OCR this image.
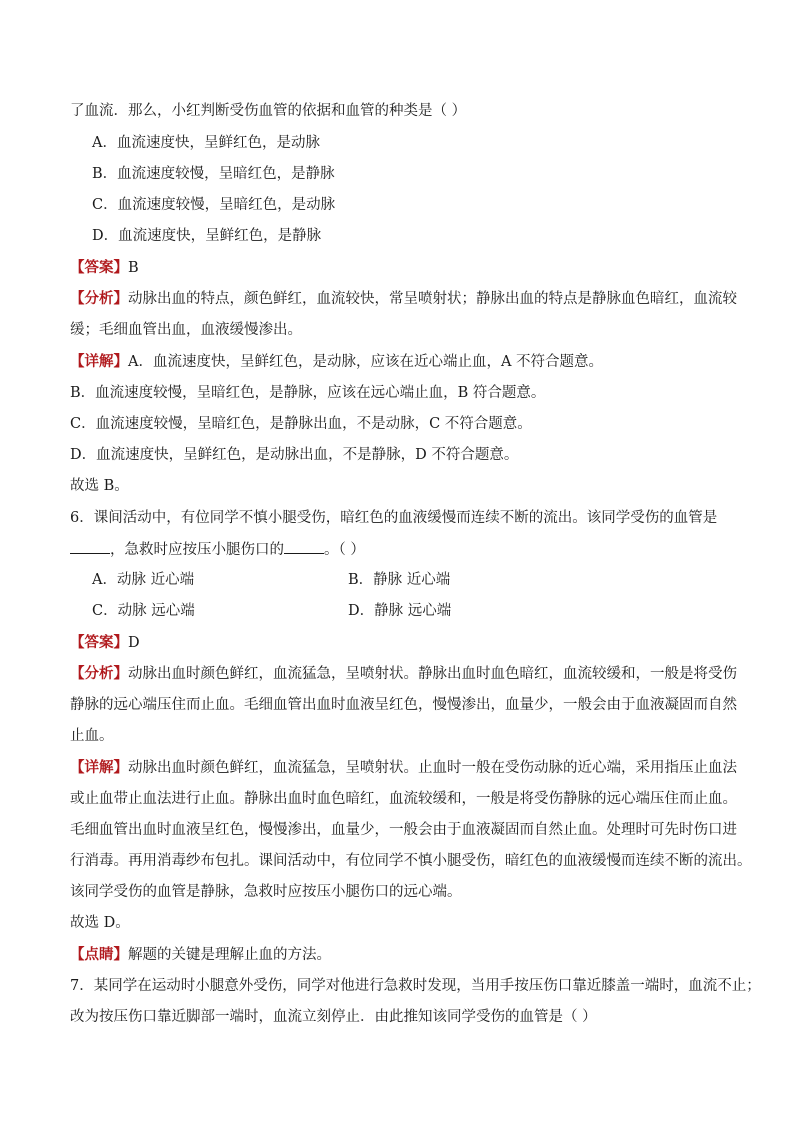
了血流．那么，小红判断受伤血管的依据和血管的种类是（ ）
A．血流速度快，呈鲜红色，是动脉
B．血流速度较慢，呈暗红色，是静脉
C．血流速度较慢，呈暗红色，是动脉
D．血流速度快，呈鲜红色，是静脉
【答案】B
【分析】动脉出血的特点，颜色鲜红，血流较快，常呈喷射状；静脉出血的特点是静脉血色暗红，血流较
缓；毛细血管出血，血液缓慢渗出。
【详解】A．血流速度快，呈鲜红色，是动脉，应该在近心端止血，A 不符合题意。
B．血流速度较慢，呈暗红色，是静脉，应该在远心端止血，B 符合题意。
C．血流速度较慢，呈暗红色，是静脉出血，不是动脉，C 不符合题意。
D．血流速度快，呈鲜红色，是动脉出血，不是静脉，D 不符合题意。
故选 B。
6．课间活动中，有位同学不慎小腿受伤，暗红色的血液缓慢而连续不断的流出。该同学受伤的血管是
，急救时应按压小腿伤口的	。（ ）
A．动脉 近心端	B．静脉 近心端
C．动脉 远心端	D．静脉 远心端
【答案】D
【分析】动脉出血时颜色鲜红，血流猛急，呈喷射状。静脉出血时血色暗红，血流较缓和，一般是将受伤
静脉的远心端压住而止血。毛细血管出血时血液呈红色，慢慢渗出，血量少，一般会由于血液凝固而自然
止血。
【详解】动脉出血时颜色鲜红，血流猛急，呈喷射状。止血时一般在受伤动脉的近心端，采用指压止血法
或止血带止血法进行止血。静脉出血时血色暗红，血流较缓和，一般是将受伤静脉的远心端压住而止血。
毛细血管出血时血液呈红色，慢慢渗出，血量少，一般会由于血液凝固而自然止血。处理时可先时伤口进
行消毒。再用消毒纱布包扎。课间活动中，有位同学不慎小腿受伤，暗红色的血液缓慢而连续不断的流出。
该同学受伤的血管是静脉，急救时应按压小腿伤口的远心端。
故选 D。
【点睛】解题的关键是理解止血的方法。
7．某同学在运动时小腿意外受伤，同学对他进行急救时发现，当用手按压伤口靠近膝盖一端时，血流不止；
改为按压伤口靠近脚部一端时，血流立刻停止．由此推知该同学受伤的血管是（ ）
